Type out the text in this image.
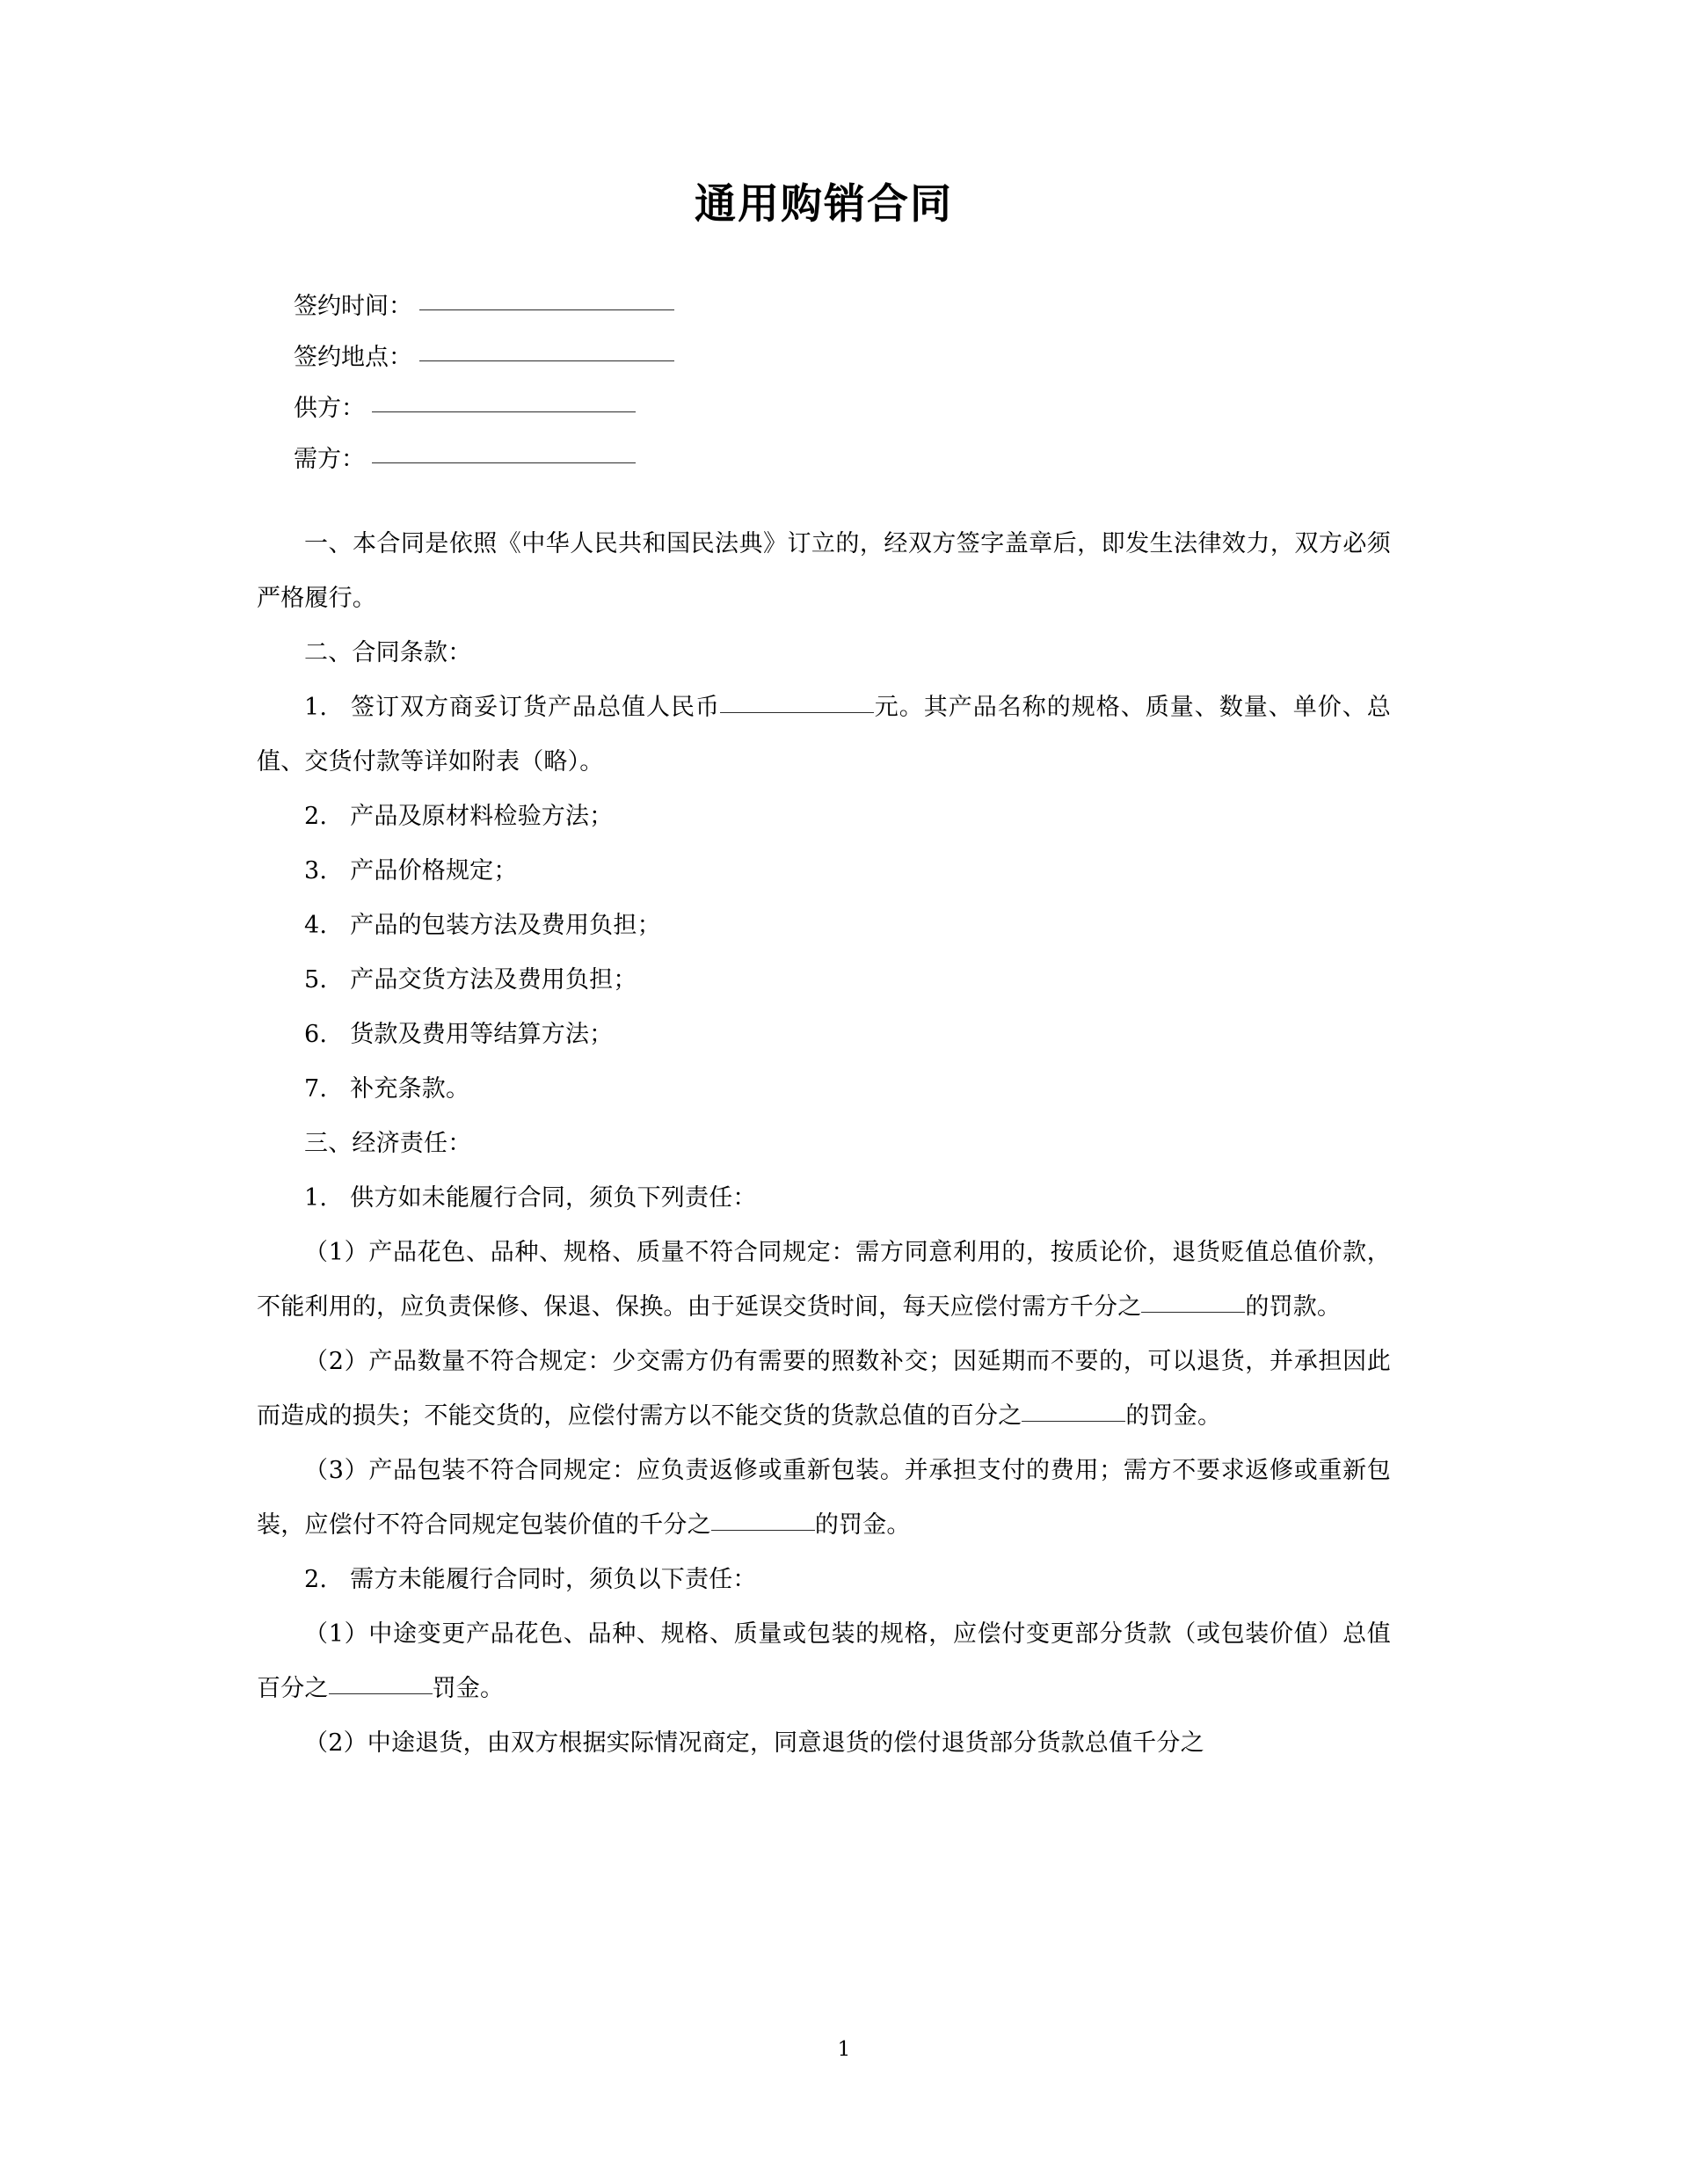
通用购销合同
签约时间：
签约地点：
供方：
需方：

一、本合同是依照《中华人民共和国民法典》订立的，经双方签字盖章后，即发生法律效力，双方必须严格履行。

二、合同条款：

1. 签订双方商妥订货产品总值人民币	元。其产品名称的规格、质量、数量、单价、总值、交货付款等详如附表（略）。

2. 产品及原材料检验方法；

3. 产品价格规定；

4. 产品的包装方法及费用负担；

5. 产品交货方法及费用负担；

6. 货款及费用等结算方法；

7. 补充条款。

三、经济责任：

1. 供方如未能履行合同，须负下列责任：

（1）产品花色、品种、规格、质量不符合同规定：需方同意利用的，按质论价，退货贬值总值价款，不能利用的，应负责保修、保退、保换。由于延误交货时间，每天应偿付需方千分之	的罚款。

（2）产品数量不符合规定：少交需方仍有需要的照数补交；因延期而不要的，可以退货，并承担因此而造成的损失；不能交货的，应偿付需方以不能交货的货款总值的百分之	的罚金。

（3）产品包装不符合同规定：应负责返修或重新包装。并承担支付的费用；需方不要求返修或重新包装，应偿付不符合同规定包装价值的千分之	的罚金。

2. 需方未能履行合同时，须负以下责任：

（1）中途变更产品花色、品种、规格、质量或包装的规格，应偿付变更部分货款（或包装价值）总值百分之	罚金。

（2）中途退货，由双方根据实际情况商定，同意退货的偿付退货部分货款总值千分之

1
